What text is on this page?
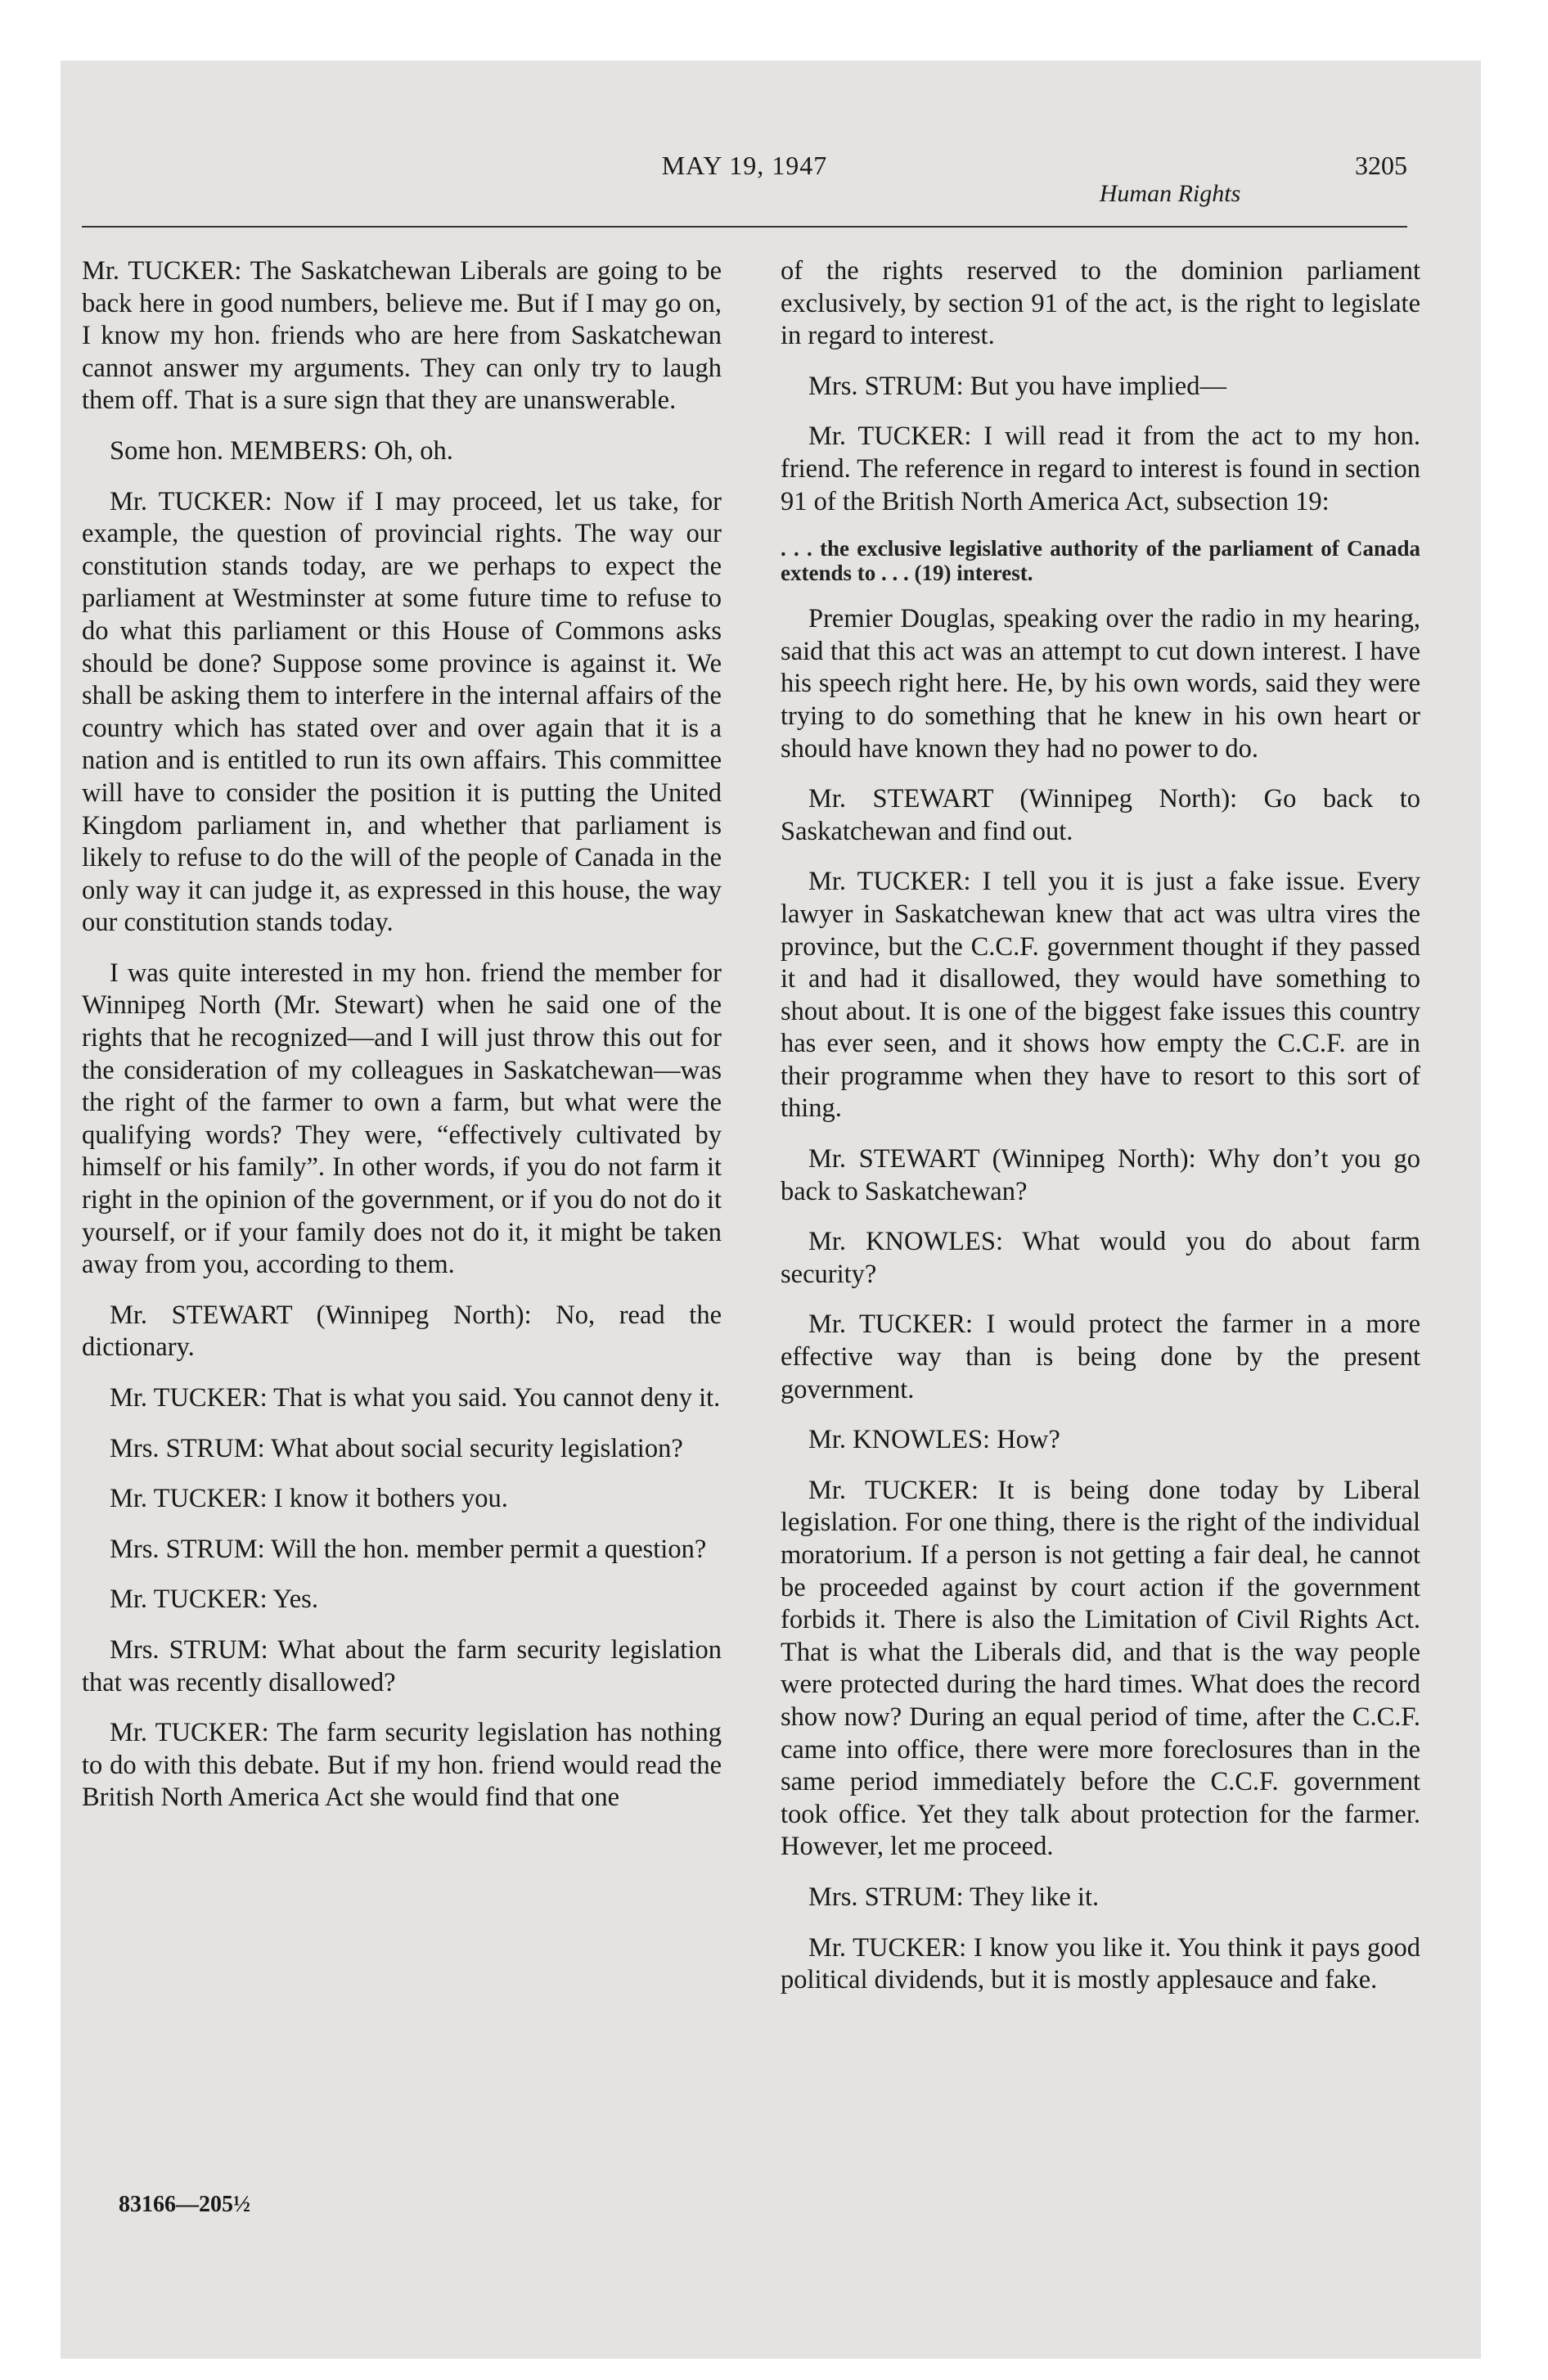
MAY 19, 1947	3205
Human Rights

Mr. TUCKER: The Saskatchewan Liberals are going to be back here in good numbers, believe me. But if I may go on, I know my hon. friends who are here from Saskatchewan cannot answer my arguments. They can only try to laugh them off. That is a sure sign that they are unanswerable.

Some hon. MEMBERS: Oh, oh.

Mr. TUCKER: Now if I may proceed, let us take, for example, the question of provincial rights. The way our constitution stands today, are we perhaps to expect the parliament at Westminster at some future time to refuse to do what this parliament or this House of Commons asks should be done? Suppose some province is against it. We shall be asking them to interfere in the internal affairs of the country which has stated over and over again that it is a nation and is entitled to run its own affairs. This committee will have to consider the position it is putting the United Kingdom parliament in, and whether that parliament is likely to refuse to do the will of the people of Canada in the only way it can judge it, as expressed in this house, the way our constitution stands today.

I was quite interested in my hon. friend the member for Winnipeg North (Mr. Stewart) when he said one of the rights that he recognized—and I will just throw this out for the consideration of my colleagues in Saskatchewan—was the right of the farmer to own a farm, but what were the qualifying words? They were, “effectively cultivated by himself or his family”. In other words, if you do not farm it right in the opinion of the government, or if you do not do it yourself, or if your family does not do it, it might be taken away from you, according to them.

Mr. STEWART (Winnipeg North): No, read the dictionary.

Mr. TUCKER: That is what you said. You cannot deny it.

Mrs. STRUM: What about social security legislation?

Mr. TUCKER: I know it bothers you.

Mrs. STRUM: Will the hon. member permit a question?

Mr. TUCKER: Yes.

Mrs. STRUM: What about the farm security legislation that was recently disallowed?

Mr. TUCKER: The farm security legislation has nothing to do with this debate. But if my hon. friend would read the British North America Act she would find that one

of the rights reserved to the dominion parliament exclusively, by section 91 of the act, is the right to legislate in regard to interest.

Mrs. STRUM: But you have implied—

Mr. TUCKER: I will read it from the act to my hon. friend. The reference in regard to interest is found in section 91 of the British North America Act, subsection 19:

. . . the exclusive legislative authority of the parliament of Canada extends to . . . (19) interest.

Premier Douglas, speaking over the radio in my hearing, said that this act was an attempt to cut down interest. I have his speech right here. He, by his own words, said they were trying to do something that he knew in his own heart or should have known they had no power to do.

Mr. STEWART (Winnipeg North): Go back to Saskatchewan and find out.

Mr. TUCKER: I tell you it is just a fake issue. Every lawyer in Saskatchewan knew that act was ultra vires the province, but the C.C.F. government thought if they passed it and had it disallowed, they would have something to shout about. It is one of the biggest fake issues this country has ever seen, and it shows how empty the C.C.F. are in their programme when they have to resort to this sort of thing.

Mr. STEWART (Winnipeg North): Why don’t you go back to Saskatchewan?

Mr. KNOWLES: What would you do about farm security?

Mr. TUCKER: I would protect the farmer in a more effective way than is being done by the present government.

Mr. KNOWLES: How?

Mr. TUCKER: It is being done today by Liberal legislation. For one thing, there is the right of the individual moratorium. If a person is not getting a fair deal, he cannot be proceeded against by court action if the government forbids it. There is also the Limitation of Civil Rights Act. That is what the Liberals did, and that is the way people were protected during the hard times. What does the record show now? During an equal period of time, after the C.C.F. came into office, there were more foreclosures than in the same period immediately before the C.C.F. government took office. Yet they talk about protection for the farmer. However, let me proceed.

Mrs. STRUM: They like it.

Mr. TUCKER: I know you like it. You think it pays good political dividends, but it is mostly applesauce and fake.

83166—205½
